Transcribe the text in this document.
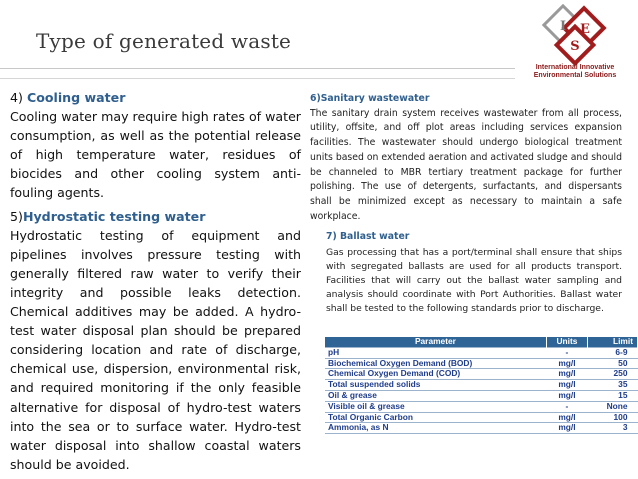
Type of generated waste
I E
S
International Innovative
Environmental Solutions
4) Cooling water

Cooling water may require high rates of water consumption, as well as the potential release of high temperature water, residues of biocides and other cooling system anti-fouling agents.

5)Hydrostatic testing water

Hydrostatic testing of equipment and pipelines involves pressure testing with generally filtered raw water to verify their integrity and possible leaks detection. Chemical additives may be added. A hydro-test water disposal plan should be prepared considering location and rate of discharge, chemical use, dispersion, environmental risk, and required monitoring if the only feasible alternative for disposal of hydro-test waters into the sea or to surface water. Hydro-test water disposal into shallow coastal waters should be avoided.

6)Sanitary wastewater

The sanitary drain system receives wastewater from all process, utility, offsite, and off plot areas including services expansion facilities. The wastewater should undergo biological treatment units based on extended aeration and activated sludge and should be channeled to MBR tertiary treatment package for further polishing. The use of detergents, surfactants, and dispersants shall be minimized except as necessary to maintain a safe workplace.

7) Ballast water

Gas processing that has a port/terminal shall ensure that ships with segregated ballasts are used for all products transport. Facilities that will carry out the ballast water sampling and analysis should coordinate with Port Authorities. Ballast water shall be tested to the following standards prior to discharge.

Parameter	Units	Limit
pH	-	6-9
Biochemical Oxygen Demand (BOD)	mg/l	50
Chemical Oxygen Demand (COD)	mg/l	250
Total suspended solids	mg/l	35
Oil & grease	mg/l	15
Visible oil & grease	-	None
Total Organic Carbon	mg/l	100
Ammonia, as N	mg/l	3
